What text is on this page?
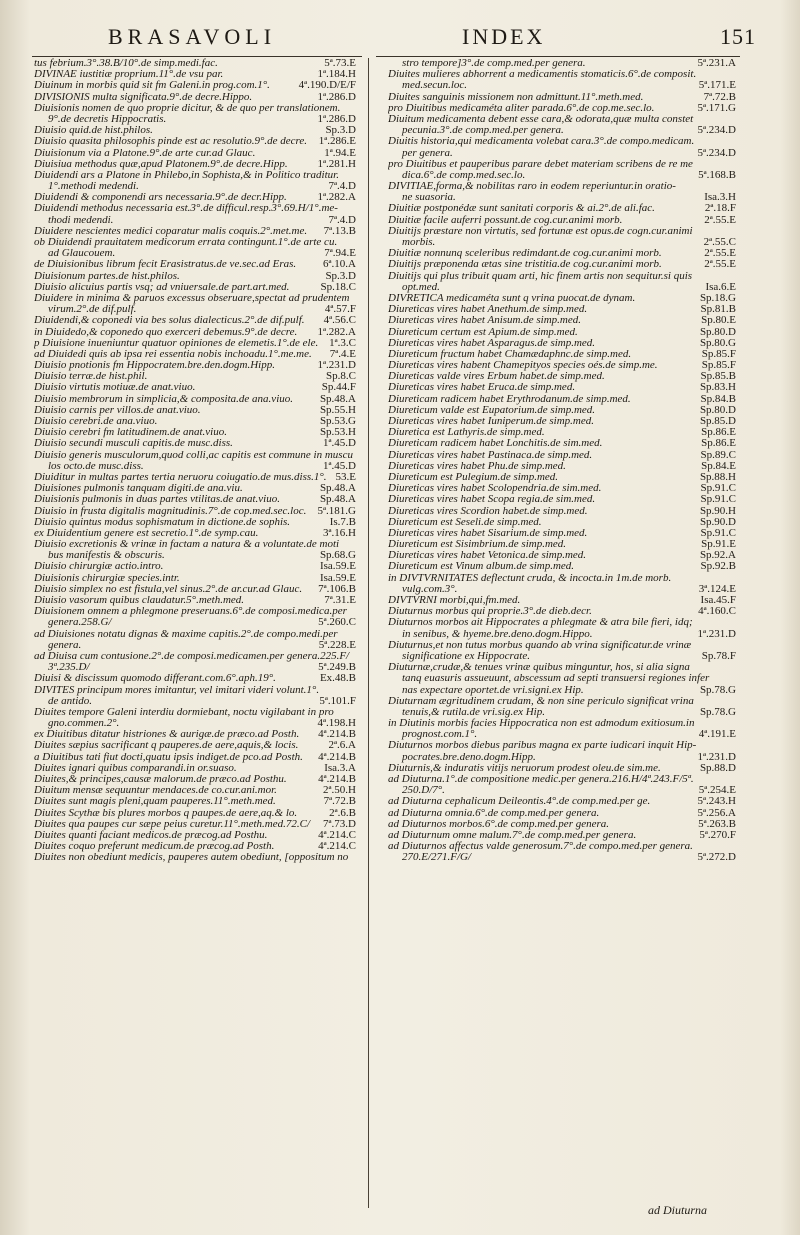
BRASAVOLI	INDEX	151
tus febrium.3°.38.B/10°.de simp.medi.fac.	5ª.73.E
DIVINAE iustitiæ proprium.11°.de vsu par.	1ª.184.H
Diuinum in morbis quid sit fm Galeni.in prog.com.1°.	4ª.190.D/E/F
DIVISIONIS multa significata.9°.de decre.Hippo.	1ª.286.D
Diuisionis nomen de quo proprie dicitur, & de quo per translationem.
9°.de decretis Hippocratis.	1ª.286.D
Diuisio quid.de hist.philos.	Sp.3.D
Diuisio quasita philosophis pinde est ac resolutio.9°.de decre.	1ª.286.E
Diuisionum via a Platone.9°.de arte cur.ad Glauc.	1ª.94.E
Diuisiua methodus quæ,apud Platonem.9°.de decre.Hipp.	1ª.281.H
Diuidendi ars a Platone in Philebo,in Sophista,& in Politico traditur.
1°.methodi medendi.	7ª.4.D
Diuidendi & componendi ars necessaria.9°.de decr.Hipp.	1ª.282.A
Diuidendi methodus necessaria est.3°.de difficul.resp.3°.69.H/1°.me-
thodi medendi.	7ª.4.D
Diuidere nescientes medici coparatur malis coquis.2°.met.me.	7ª.13.B
ob Diuidendi prauitatem medicorum errata contingunt.1°.de arte cu.
ad Glaucouem.	7ª.94.E
de Diuisionibus librum fecit Erasistratus.de ve.sec.ad Eras.	6ª.10.A
Diuisionum partes.de hist.philos.	Sp.3.D
Diuisio alicuius partis vsq; ad vniuersale.de part.art.med.	Sp.18.C
Diuidere in minima & paruos excessus obseruare,spectat ad prudentem
virum.2°.de dif.pulf.	4ª.57.F
Diuidendi,& coponedi via bes solus dialecticus.2°.de dif.pulf.	4ª.56.C
in Diuidedo,& coponedo quo exerceri debemus.9°.de decre.	1ª.282.A
p Diuisione inueniuntur quatuor opiniones de elemetis.1°.de ele. 1ª.3.C
ad Diuidedi quis ab ipsa rei essentia nobis inchoadu.1°.me.me.	7ª.4.E
Diuisio pnotionis fm Hippocratem.bre.den.dogm.Hipp.	1ª.231.D
Diuisio terræ.de hist.phil.	Sp.8.C
Diuisio virtutis motiuæ.de anat.viuo.	Sp.44.F
Diuisio membrorum in simplicia,& composita.de ana.viuo.	Sp.48.A
Diuisio carnis per villos.de anat.viuo.	Sp.55.H
Diuisio cerebri.de ana.viuo.	Sp.53.G
Diuisio cerebri fm latitudinem.de anat.viuo.	Sp.53.H
Diuisio secundi musculi capitis.de musc.diss.	1ª.45.D
Diuisio generis musculorum,quod colli,ac capitis est commune in muscu
los octo.de musc.diss.	1ª.45.D
Diuiditur in multas partes tertia neruoru coiugatio.de mus.diss.1°. 53.E
Diuisiones pulmonis tanquam digiti.de ana.viu.	Sp.48.A
Diuisionis pulmonis in duas partes vtilitas.de anat.viuo.	Sp.48.A
Diuisio in frusta digitalis magnitudinis.7°.de cop.med.sec.loc.	5ª.181.G
Diuisio quintus modus sophismatum in dictione.de sophis.	Is.7.B
ex Diuidentium genere est secretio.1°.de symp.cau.	3ª.16.H
Diuisio excretionis & vrinæ in factam a natura & a voluntate.de moti
bus manifestis & obscuris.	Sp.68.G
Diuisio chirurgiæ actio.intro.	Isa.59.E
Diuisionis chirurgiæ species.intr.	Isa.59.E
Diuisio simplex no est fistula,vel sinus.2°.de ar.cur.ad Glauc.	7ª.106.B
Diuisio vasorum quibus claudatur.5°.meth.med.	7ª.31.E
Diuisionem omnem a phlegmone preseruans.6°.de composi.medica.per
genera.258.G/	5ª.260.C
ad Diuisiones notatu dignas & maxime capitis.2°.de compo.medi.per
genera.	5ª.228.E
ad Diuisa cum contusione.2°.de composi.medicamen.per genera.225.F/
3ª.235.D/	5ª.249.B
Diuisi & discissum quomodo differant.com.6°.aph.19°.	Ex.48.B
DIVITES principum mores imitantur, vel imitari videri volunt.1°.
de antido.	5ª.101.F
Diuites tempore Galeni interdiu dormiebant, noctu vigilabant in pro
gno.commen.2°.	4ª.198.H
ex Diuitibus ditatur histriones & aurigæ.de præco.ad Posth.	4ª.214.B
Diuites sæpius sacrificant q pauperes.de aere,aquis,& locis.	2ª.6.A
a Diuitibus tati fiut docti,quatu ipsis indiget.de pco.ad Posth.	4ª.214.B
Diuites ignari quibus comparandi.in or.suaso.	Isa.3.A
Diuites,& principes,causæ malorum.de præco.ad Posthu.	4ª.214.B
Diuitum mensæ sequuntur mendaces.de co.cur.ani.mor.	2ª.50.H
Diuites sunt magis pleni,quam pauperes.11°.meth.med.	7ª.72.B
Diuites Scythæ bis plures morbos q paupes.de aere,aq.& lo.	2ª.6.B
Diuites qua paupes cur sæpe peius curetur.11°.meth.med.72.C/	7ª.73.D
Diuites quanti faciant medicos.de præcog.ad Posthu.	4ª.214.C
Diuites coquo preferunt medicum.de præcog.ad Posth.	4ª.214.C
Diuites non obediunt medicis, pauperes autem obediunt, [oppositum no
stro tempore]3°.de comp.med.per genera.	5ª.231.A
Diuites mulieres abhorrent a medicamentis stomaticis.6°.de composit.
med.secun.loc.	5ª.171.E
Diuites sanguinis missionem non admittunt.11°.meth.med.	7ª.72.B
pro Diuitibus medicaméta aliter parada.6°.de cop.me.sec.lo.	5ª.171.G
Diuitum medicamenta debent esse cara,& odorata,quæ multa constet
pecunia.3°.de comp.med.per genera.	5ª.234.D
Diuitis historia,qui medicamenta volebat cara.3°.de compo.medicam.
per genera.	5ª.234.D
pro Diuitibus et pauperibus parare debet materiam scribens de re me
dica.6°.de comp.med.sec.lo.	5ª.168.B
DIVITIAE,forma,& nobilitas raro in eodem reperiuntur.in oratio-
ne suasoria.	Isa.3.H
Diuitiæ postponédæ sunt sanitati corporis & ai.2°.de ali.fac.	2ª.18.F
Diuitiæ facile auferri possunt.de cog.cur.animi morb.	2ª.55.E
Diuitijs præstare non virtutis, sed fortunæ est opus.de cogn.cur.animi
morbis.	2ª.55.C
Diuitiæ nonnunq sceleribus redimdant.de cog.cur.animi morb.	2ª.55.E
Diuitijs præponenda ætas sine tristitia.de cog.cur.animi morb.	2ª.55.E
Diuitijs qui plus tribuit quam arti, hic finem artis non sequitur.si quis
opt.med.	Isa.6.E
DIVRETICA medicaméta sunt q vrina puocat.de dynam.	Sp.18.G
Diureticas vires habet Anethum.de simp.med.	Sp.81.B
Diureticas vires habet Anisum.de simp.med.	Sp.80.E
Diureticum certum est Apium.de simp.med.	Sp.80.D
Diureticas vires habet Asparagus.de simp.med.	Sp.80.G
Diureticum fructum habet Chamædaphnc.de simp.med.	Sp.85.F
Diureticas vires habent Chamepityos species oés.de simp.me.	Sp.85.F
Diureticas valde vires Erbum habet.de simp.med.	Sp.85.B
Diureticas vires habet Eruca.de simp.med.	Sp.83.H
Diureticam radicem habet Erythrodanum.de simp.med.	Sp.84.B
Diureticum valde est Eupatorium.de simp.med.	Sp.80.D
Diureticas vires habet Iuniperum.de simp.med.	Sp.85.D
Diuretica est Lathyris.de simp.med.	Sp.86.E
Diureticam radicem habet Lonchitis.de sim.med.	Sp.86.E
Diureticas vires habet Pastinaca.de simp.med.	Sp.89.C
Diureticas vires habet Phu.de simp.med.	Sp.84.E
Diureticum est Pulegium.de simp.med.	Sp.88.H
Diureticas vires habet Scolopendria.de sim.med.	Sp.91.C
Diureticas vires habet Scopa regia.de sim.med.	Sp.91.C
Diureticas vires Scordion habet.de simp.med.	Sp.90.H
Diureticum est Seseli.de simp.med.	Sp.90.D
Diureticas vires habet Sisarium.de simp.med.	Sp.91.C
Diureticum est Sisimbrium.de simp.med.	Sp.91.E
Diureticas vires habet Vetonica.de simp.med.	Sp.92.A
Diureticum est Vinum album.de simp.med.	Sp.92.B
in DIVTVRNITATES deflectunt cruda, & incocta.in 1m.de morb.
vulg.com.3°.	3ª.124.E
DIVTVRNI morbi,qui,fm.med.	Isa.45.F
Diuturnus morbus qui proprie.3°.de dieb.decr.	4ª.160.C
Diuturnos morbos ait Hippocrates a phlegmate & atra bile fieri, idq;
in senibus, & hyeme.bre.deno.dogm.Hippo.	1ª.231.D
Diuturnus,et non tutus morbus quando ab vrina significatur.de vrinæ
significatione ex Hippocrate.	Sp.78.F
Diuturnæ,crudæ,& tenues vrinæ quibus minguntur, hos, si alia signa
tanq euasuris assueuunt, abscessum ad septi transuersi regiones infer
nas expectare oportet.de vri.signi.ex Hip.	Sp.78.G
Diuturnam ægritudinem crudam, & non sine periculo significat vrina
tenuis,& rutila.de vri.sig.ex Hip.	Sp.78.G
in Diutinis morbis facies Hippocratica non est admodum exitiosum.in
prognost.com.1°.	4ª.191.E
Diuturnos morbos diebus paribus magna ex parte iudicari inquit Hip-
pocrates.bre.deno.dogm.Hipp.	1ª.231.D
Diuturnis,& induratis vitijs neruorum prodest oleu.de sim.me.	Sp.88.D
ad Diuturna.1°.de compositione medic.per genera.216.H/4ª.243.F/5ª.
250.D/7°.	5ª.254.E
ad Diuturna cephalicum Deileontis.4°.de comp.med.per ge.	5ª.243.H
ad Diuturna omnia.6°.de comp.med.per genera.	5ª.256.A
ad Diuturnos morbos.6°.de comp.med.per genera.	5ª.263.B
ad Diuturnum omne malum.7°.de comp.med.per genera.	5ª.270.F
ad Diuturnos affectus valde generosum.7°.de compo.med.per genera.
270.E/271.F/G/	5ª.272.D
ad Diuturna
